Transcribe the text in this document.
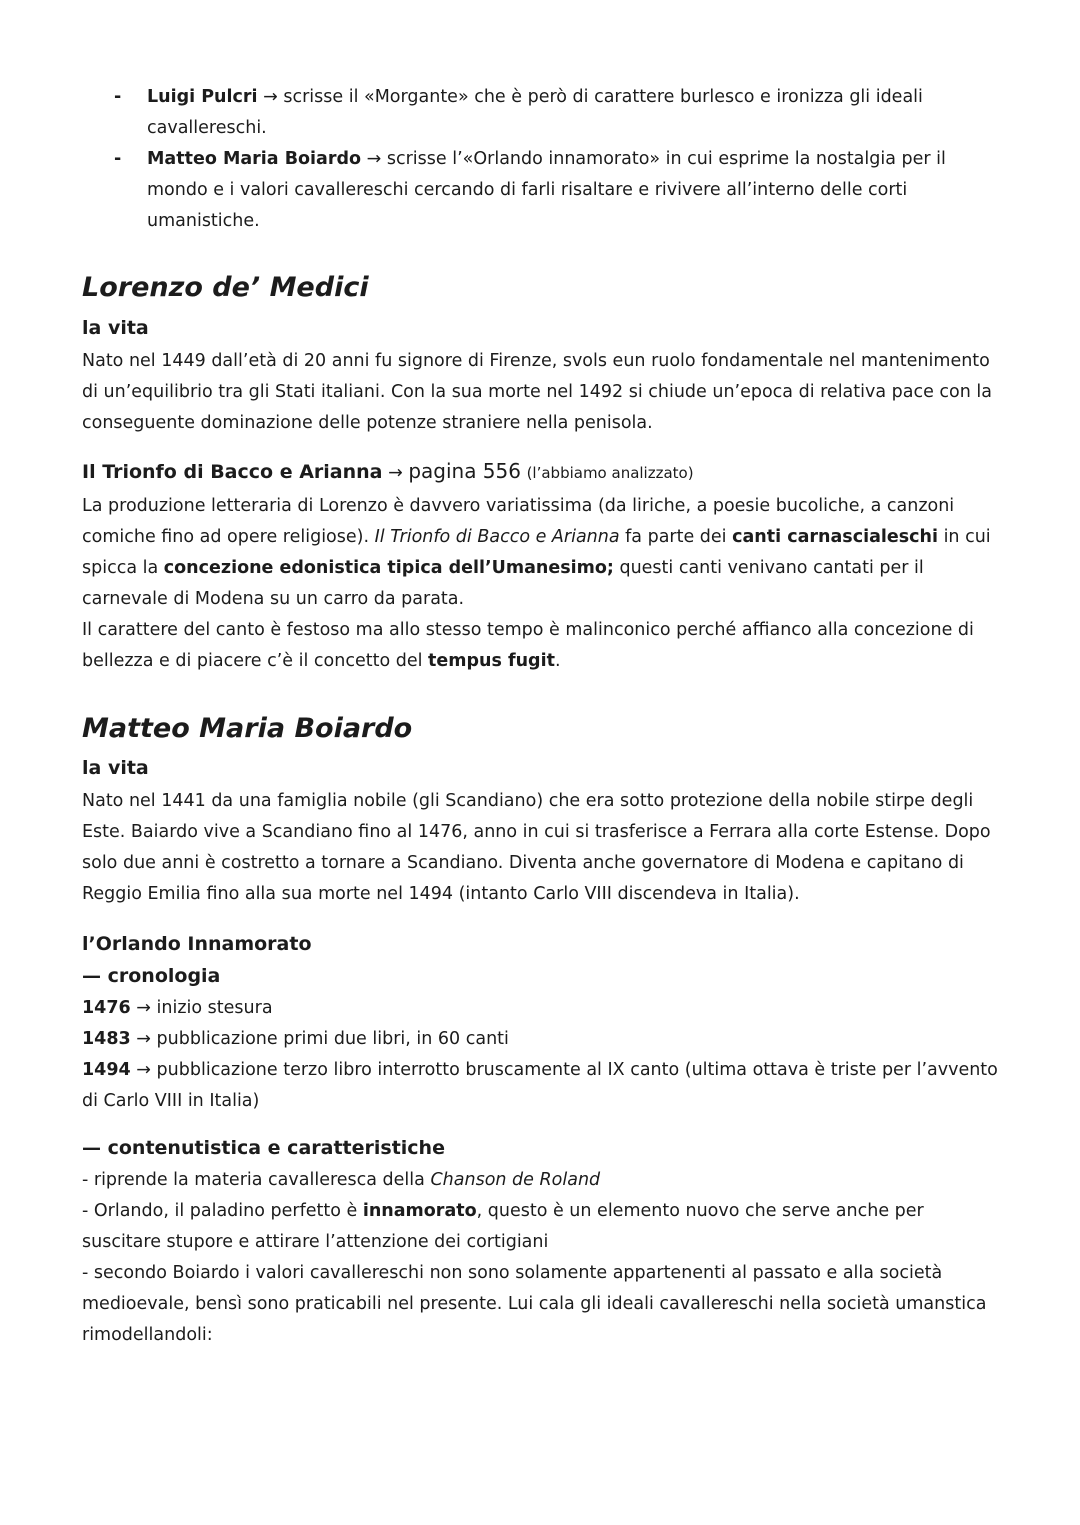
- Luigi Pulcri → scrisse il «Morgante» che è però di carattere burlesco e ironizza gli ideali cavallereschi.
- Matteo Maria Boiardo → scrisse l’«Orlando innamorato» in cui esprime la nostalgia per il mondo e i valori cavallereschi cercando di farli risaltare e rivivere all’interno delle corti umanistiche.
Lorenzo de’ Medici
la vita

Nato nel 1449 dall’età di 20 anni fu signore di Firenze, svols eun ruolo fondamentale nel mantenimento di un’equilibrio tra gli Stati italiani. Con la sua morte nel 1492 si chiude un’epoca di relativa pace con la conseguente dominazione delle potenze straniere nella penisola.

Il Trionfo di Bacco e Arianna → pagina 556 (l’abbiamo analizzato)

La produzione letteraria di Lorenzo è davvero variatissima (da liriche, a poesie bucoliche, a canzoni comiche fino ad opere religiose). Il Trionfo di Bacco e Arianna fa parte dei canti carnascialeschi in cui spicca la concezione edonistica tipica dell’Umanesimo; questi canti venivano cantati per il carnevale di Modena su un carro da parata.

Il carattere del canto è festoso ma allo stesso tempo è malinconico perché affianco alla concezione di bellezza e di piacere c’è il concetto del tempus fugit.

Matteo Maria Boiardo
la vita

Nato nel 1441 da una famiglia nobile (gli Scandiano) che era sotto protezione della nobile stirpe degli Este. Baiardo vive a Scandiano fino al 1476, anno in cui si trasferisce a Ferrara alla corte Estense. Dopo solo due anni è costretto a tornare a Scandiano. Diventa anche governatore di Modena e capitano di Reggio Emilia fino alla sua morte nel 1494 (intanto Carlo VIII discendeva in Italia).

l’Orlando Innamorato
— cronologia

1476 → inizio stesura

1483 → pubblicazione primi due libri, in 60 canti

1494 → pubblicazione terzo libro interrotto bruscamente al IX canto (ultima ottava è triste per l’avvento di Carlo VIII in Italia)

— contenutistica e caratteristiche

- riprende la materia cavalleresca della Chanson de Roland

- Orlando, il paladino perfetto è innamorato, questo è un elemento nuovo che serve anche per suscitare stupore e attirare l’attenzione dei cortigiani

- secondo Boiardo i valori cavallereschi non sono solamente appartenenti al passato e alla società medioevale, bensì sono praticabili nel presente. Lui cala gli ideali cavallereschi nella società umanstica rimodellandoli:
